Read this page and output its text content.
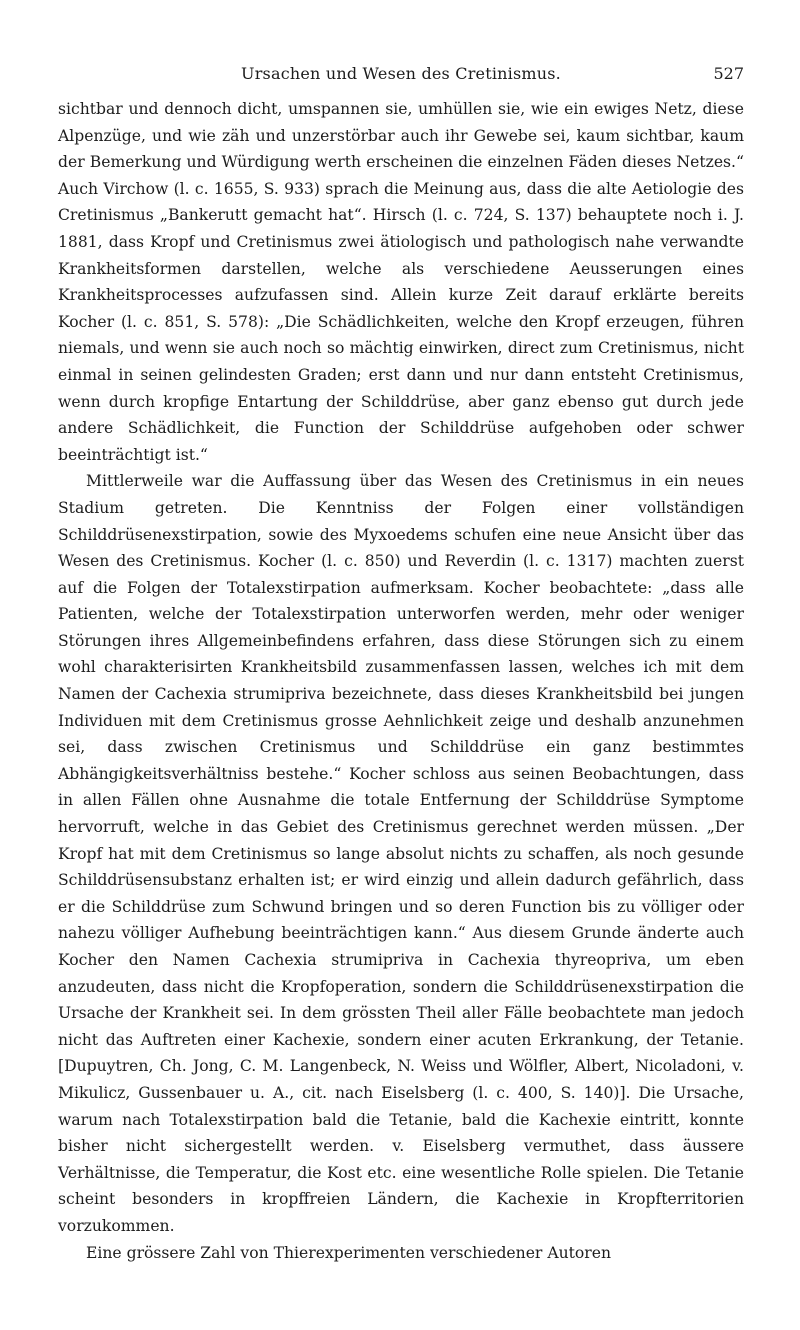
Ursachen und Wesen des Cretinismus.	527

sichtbar und dennoch dicht, umspannen sie, umhüllen sie, wie ein ewiges Netz, diese Alpenzüge, und wie zäh und unzerstörbar auch ihr Gewebe sei, kaum sichtbar, kaum der Bemerkung und Würdigung werth erscheinen die einzelnen Fäden dieses Netzes.“ Auch Virchow (l. c. 1655, S. 933) sprach die Meinung aus, dass die alte Aetiologie des Cretinismus „Bankerutt gemacht hat“. Hirsch (l. c. 724, S. 137) behauptete noch i. J. 1881, dass Kropf und Cretinismus zwei ätiologisch und pathologisch nahe verwandte Krankheitsformen darstellen, welche als verschiedene Aeusserungen eines Krankheitsprocesses aufzufassen sind. Allein kurze Zeit darauf erklärte bereits Kocher (l. c. 851, S. 578): „Die Schädlichkeiten, welche den Kropf erzeugen, führen niemals, und wenn sie auch noch so mächtig einwirken, direct zum Cretinismus, nicht einmal in seinen gelindesten Graden; erst dann und nur dann entsteht Cretinismus, wenn durch kropfige Entartung der Schilddrüse, aber ganz ebenso gut durch jede andere Schädlichkeit, die Function der Schilddrüse aufgehoben oder schwer beeinträchtigt ist.“

Mittlerweile war die Auffassung über das Wesen des Cretinismus in ein neues Stadium getreten. Die Kenntniss der Folgen einer vollständigen Schilddrüsenexstirpation, sowie des Myxoedems schufen eine neue Ansicht über das Wesen des Cretinismus. Kocher (l. c. 850) und Reverdin (l. c. 1317) machten zuerst auf die Folgen der Totalexstirpation aufmerksam. Kocher beobachtete: „dass alle Patienten, welche der Totalexstirpation unterworfen werden, mehr oder weniger Störungen ihres Allgemeinbefindens erfahren, dass diese Störungen sich zu einem wohl charakterisirten Krankheitsbild zusammenfassen lassen, welches ich mit dem Namen der Cachexia strumipriva bezeichnete, dass dieses Krankheitsbild bei jungen Individuen mit dem Cretinismus grosse Aehnlichkeit zeige und deshalb anzunehmen sei, dass zwischen Cretinismus und Schilddrüse ein ganz bestimmtes Abhängigkeitsverhältniss bestehe.“ Kocher schloss aus seinen Beobachtungen, dass in allen Fällen ohne Ausnahme die totale Entfernung der Schilddrüse Symptome hervorruft, welche in das Gebiet des Cretinismus gerechnet werden müssen. „Der Kropf hat mit dem Cretinismus so lange absolut nichts zu schaffen, als noch gesunde Schilddrüsensubstanz erhalten ist; er wird einzig und allein dadurch gefährlich, dass er die Schilddrüse zum Schwund bringen und so deren Function bis zu völliger oder nahezu völliger Aufhebung beeinträchtigen kann.“ Aus diesem Grunde änderte auch Kocher den Namen Cachexia strumipriva in Cachexia thyreopriva, um eben anzudeuten, dass nicht die Kropfoperation, sondern die Schilddrüsenexstirpation die Ursache der Krankheit sei. In dem grössten Theil aller Fälle beobachtete man jedoch nicht das Auftreten einer Kachexie, sondern einer acuten Erkrankung, der Tetanie. [Dupuytren, Ch. Jong, C. M. Langenbeck, N. Weiss und Wölfler, Albert, Nicoladoni, v. Mikulicz, Gussenbauer u. A., cit. nach Eiselsberg (l. c. 400, S. 140)]. Die Ursache, warum nach Totalexstirpation bald die Tetanie, bald die Kachexie eintritt, konnte bisher nicht sichergestellt werden. v. Eiselsberg vermuthet, dass äussere Verhältnisse, die Temperatur, die Kost etc. eine wesentliche Rolle spielen. Die Tetanie scheint besonders in kropffreien Ländern, die Kachexie in Kropfterritorien vorzukommen.

Eine grössere Zahl von Thierexperimenten verschiedener Autoren
